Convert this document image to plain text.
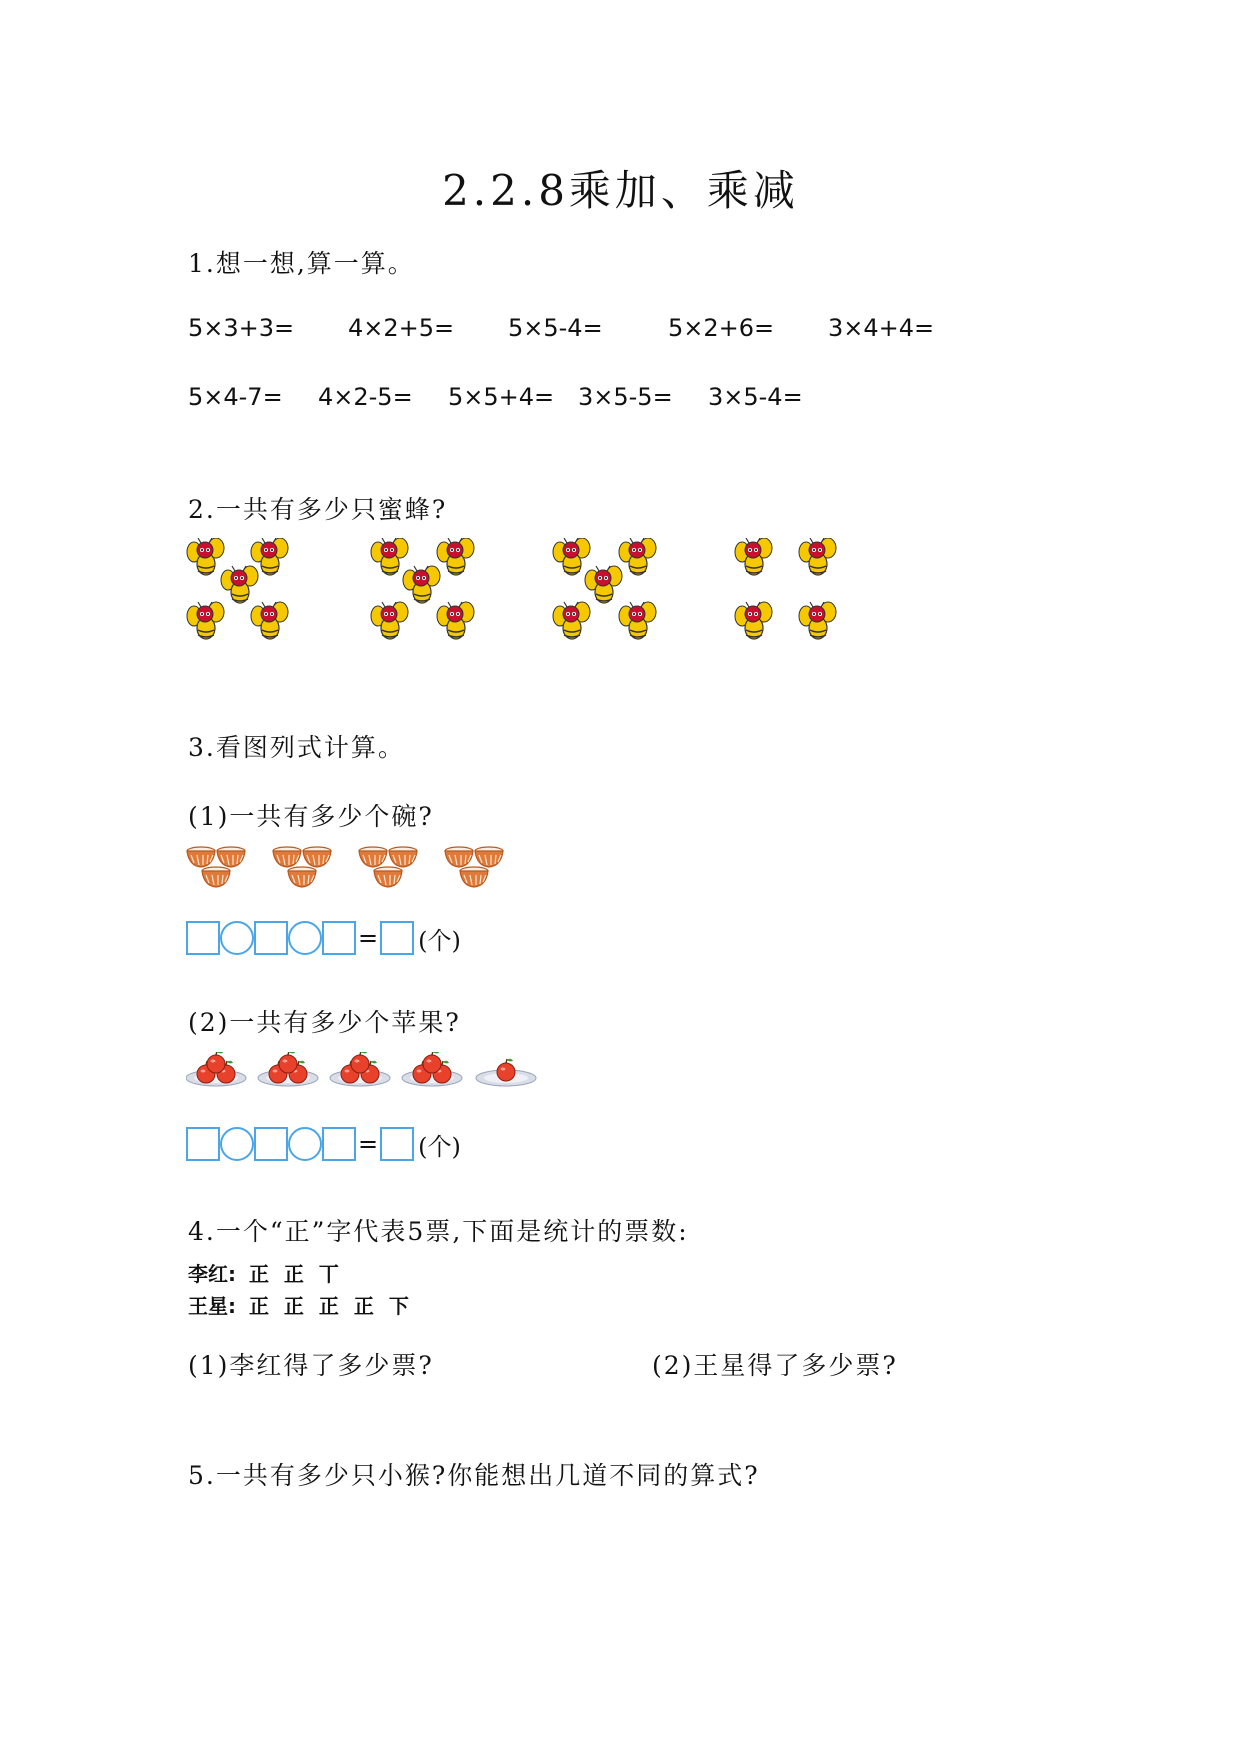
2.2.8乘加、乘减
1.想一想,算一算。
5×3+3= 4×2+5= 5×5-4=	5×2+6= 3×4+4=
5×4-7= 4×2-5= 5×5+4= 3×5-5= 3×5-4=
2.一共有多少只蜜蜂?
3.看图列式计算。
(1)一共有多少个碗?
= (个)
(2)一共有多少个苹果?
= (个)
4.一个“正”字代表5票,下面是统计的票数:
李红: 正 正 丅
王星: 正 正 正 正 下
(1)李红得了多少票?	(2)王星得了多少票?
5.一共有多少只小猴?你能想出几道不同的算式?
